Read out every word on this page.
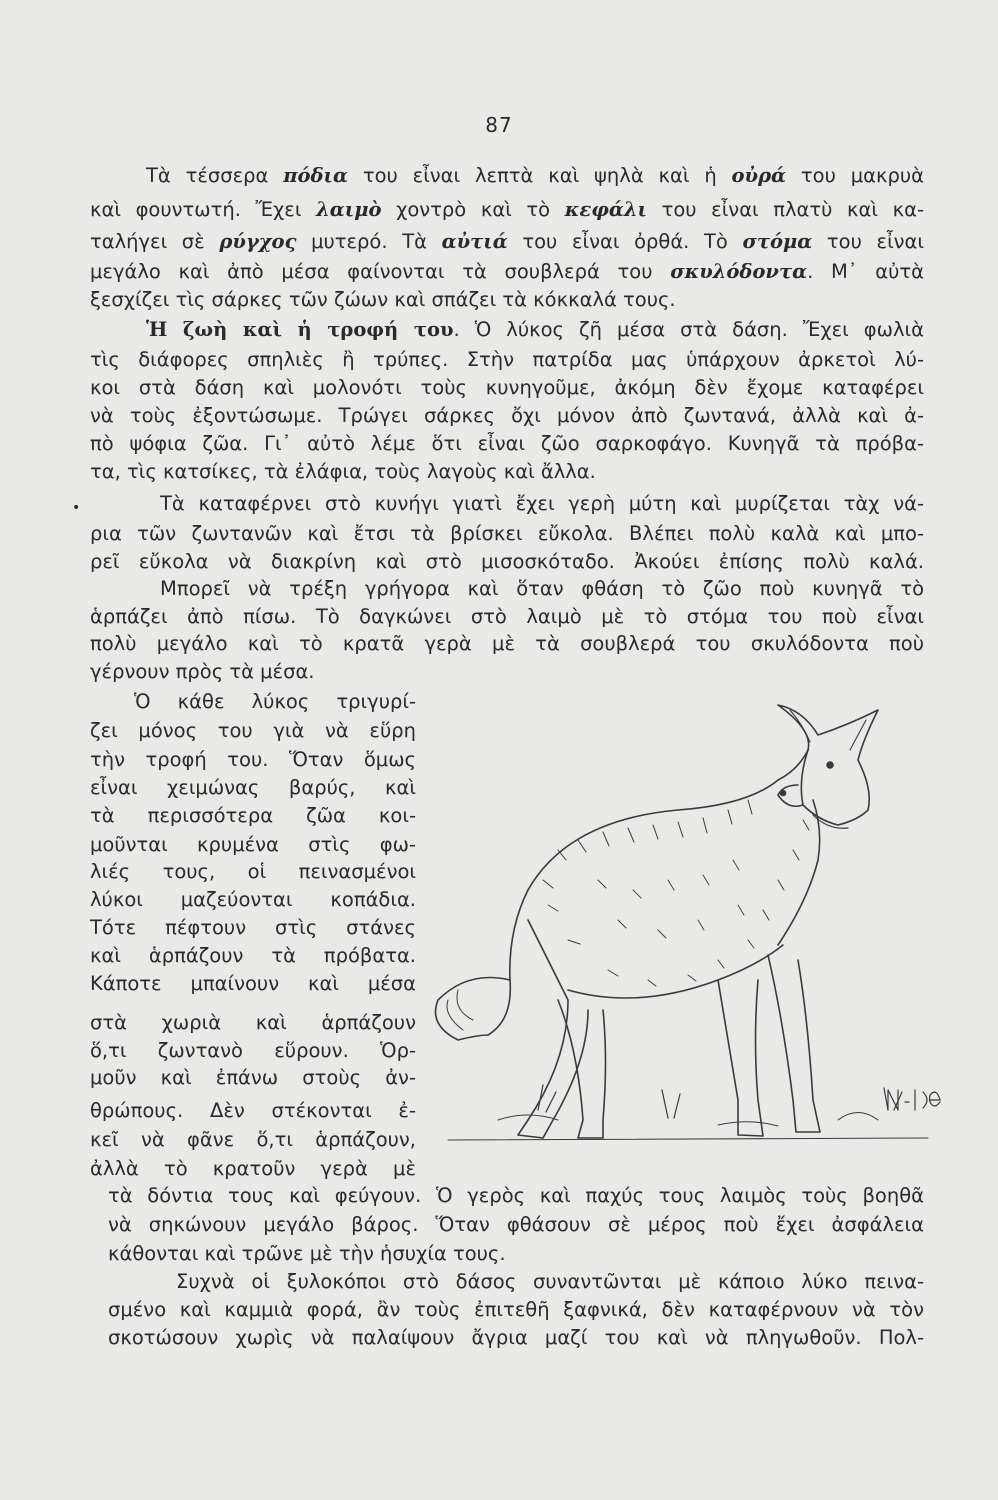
87
Τὰ τέσσερα πόδια του εἶναι λεπτὰ καὶ ψηλὰ καὶ ἡ οὐρά του μακρυὰ
καὶ φουντωτή. Ἔχει λαιμὸ χοντρὸ καὶ τὸ κεφάλι του εἶναι πλατὺ καὶ κα-
ταλήγει σὲ ρύγχος μυτερό. Τὰ αὐτιά του εἶναι ὀρθά. Τὸ στόμα του εἶναι
μεγάλο καὶ ἀπὸ μέσα φαίνονται τὰ σουβλερά του σκυλόδοντα. Μ᾿ αὐτὰ
ξεσχίζει τὶς σάρκες τῶν ζώων καὶ σπάζει τὰ κόκκαλά τους.
Ἡ ζωὴ καὶ ἡ τροφή του. Ὁ λύκος ζῆ μέσα στὰ δάση. Ἔχει φωλιὰ
τὶς διάφορες σπηλιὲς ἢ τρύπες. Στὴν πατρίδα μας ὑπάρχουν ἀρκετοὶ λύ-
κοι στὰ δάση καὶ μολονότι τοὺς κυνηγοῦμε, ἀκόμη δὲν ἔχομε καταφέρει
νὰ τοὺς ἐξοντώσωμε. Τρώγει σάρκες ὄχι μόνον ἀπὸ ζωντανά, ἀλλὰ καὶ ἀ-
πὸ ψόφια ζῶα. Γι᾿ αὐτὸ λέμε ὅτι εἶναι ζῶο σαρκοφάγο. Κυνηγᾶ τὰ πρόβα-
τα, τὶς κατσίκες, τὰ ἐλάφια, τοὺς λαγοὺς καὶ ἄλλα.
•	Τὰ καταφέρνει στὸ κυνήγι γιατὶ ἔχει γερὴ μύτη καὶ μυρίζεται τὰχ νά-
ρια τῶν ζωντανῶν καὶ ἔτσι τὰ βρίσκει εὔκολα. Βλέπει πολὺ καλὰ καὶ μπο-
ρεῖ εὔκολα νὰ διακρίνη καὶ στὸ μισοσκόταδο. Ἀκούει ἐπίσης πολὺ καλά.
Μπορεῖ νὰ τρέξη γρήγορα καὶ ὅταν φθάση τὸ ζῶο ποὺ κυνηγᾶ τὸ
ἁρπάζει ἀπὸ πίσω. Τὸ δαγκώνει στὸ λαιμὸ μὲ τὸ στόμα του ποὺ εἶναι
πολὺ μεγάλο καὶ τὸ κρατᾶ γερὰ μὲ τὰ σουβλερά του σκυλόδοντα ποὺ
γέρνουν πρὸς τὰ μέσα.
Ὁ κάθε λύκος τριγυρί-
ζει μόνος του γιὰ νὰ εὕρη
τὴν τροφή του. Ὅταν ὅμως
εἶναι χειμώνας βαρύς, καὶ
τὰ περισσότερα ζῶα κοι-
μοῦνται κρυμένα στὶς φω-
λιές τους, οἱ πεινασμένοι
λύκοι μαζεύονται κοπάδια.
Τότε πέφτουν στὶς στάνες
καὶ ἁρπάζουν τὰ πρόβατα.
Κάποτε μπαίνουν καὶ μέσα
στὰ χωριὰ καὶ ἁρπάζουν
ὅ,τι ζωντανὸ εὕρουν. Ὁρ-
μοῦν καὶ ἐπάνω στοὺς ἀν-
θρώπους. Δὲν στέκονται ἐ-
κεῖ νὰ φᾶνε ὅ,τι ἁρπάζουν,
ἀλλὰ τὸ κρατοῦν γερὰ μὲ
τὰ δόντια τους καὶ φεύγουν. Ὁ γερὸς καὶ παχύς τους λαιμὸς τοὺς βοηθᾶ
νὰ σηκώνουν μεγάλο βάρος. Ὅταν φθάσουν σὲ μέρος ποὺ ἔχει ἀσφάλεια
κάθονται καὶ τρῶνε μὲ τὴν ἡσυχία τους.
Συχνὰ οἱ ξυλοκόποι στὸ δάσος συναντῶνται μὲ κάποιο λύκο πεινα-
σμένο καὶ καμμιὰ φορά, ἂν τοὺς ἐπιτεθῆ ξαφνικά, δὲν καταφέρνουν νὰ τὸν
σκοτώσουν χωρὶς νὰ παλαίψουν ἄγρια μαζί του καὶ νὰ πληγωθοῦν. Πολ-
